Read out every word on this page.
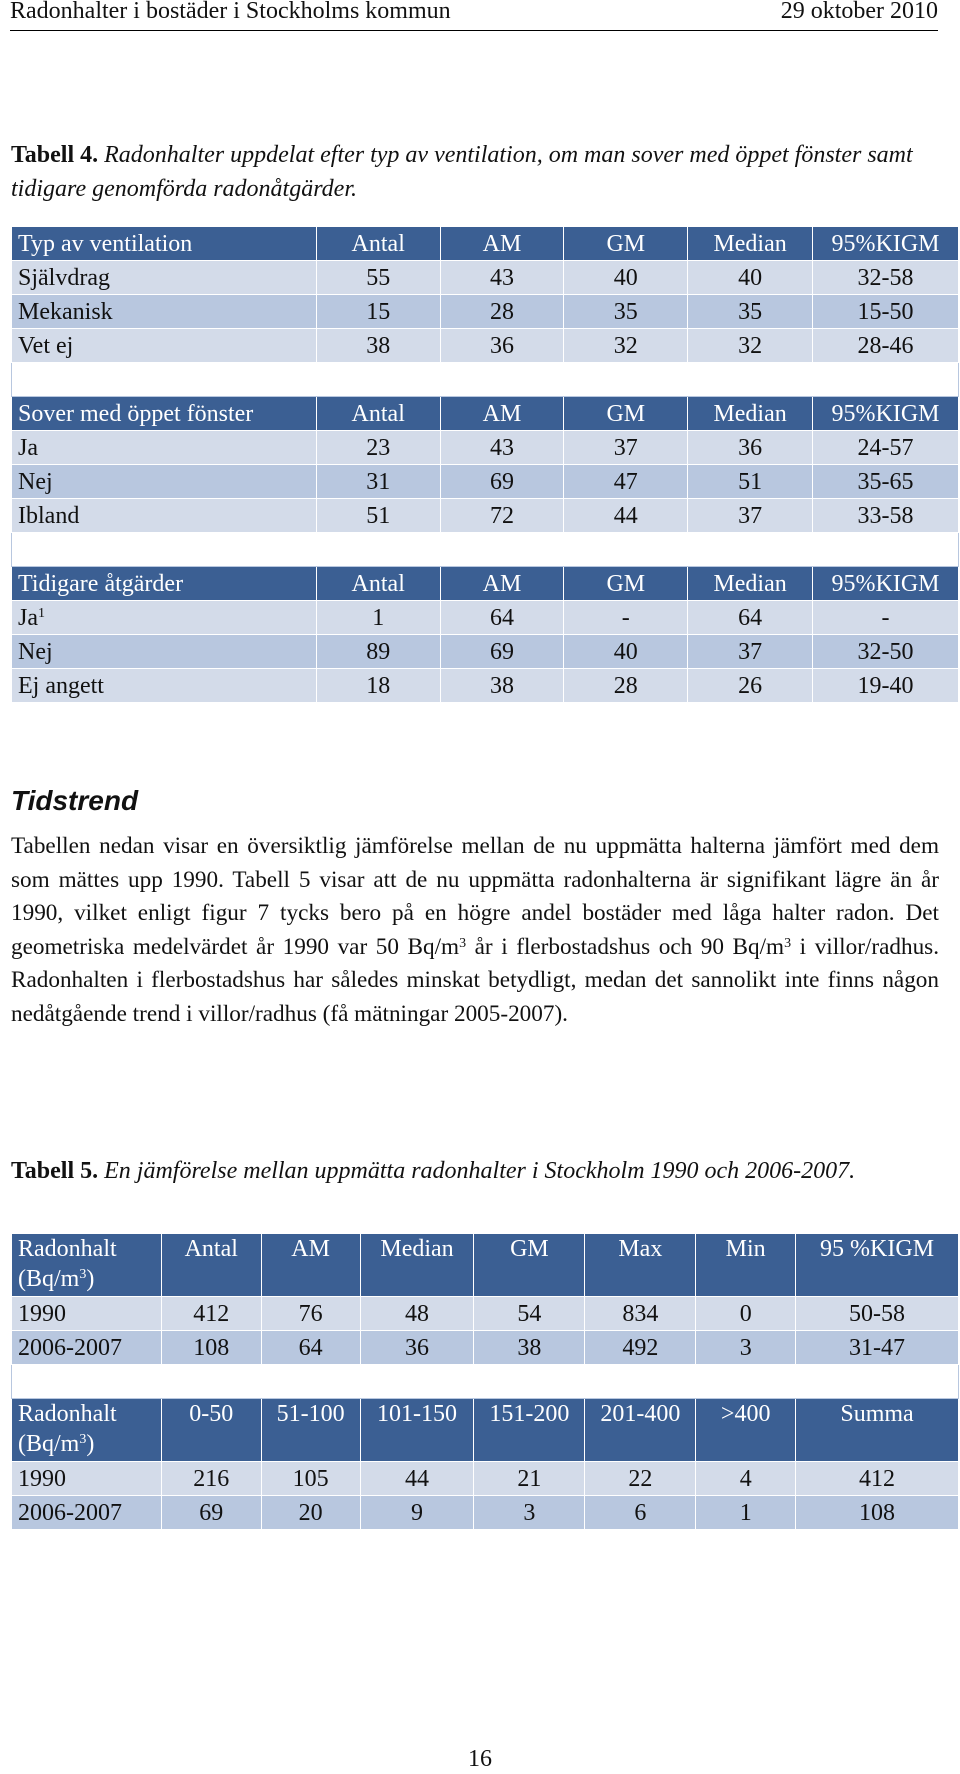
Radonhalter i bostäder i Stockholms kommun	29 oktober 2010
Tabell 4. Radonhalter uppdelat efter typ av ventilation, om man sover med öppet fönster samt tidigare genomförda radonåtgärder.
Typ av ventilation	Antal	AM	GM	Median	95%KIGM
Självdrag	55	43	40	40	32-58
Mekanisk	15	28	35	35	15-50
Vet ej	38	36	32	32	28-46

Sover med öppet fönster	Antal	AM	GM	Median	95%KIGM
Ja	23	43	37	36	24-57
Nej	31	69	47	51	35-65
Ibland	51	72	44	37	33-58

Tidigare åtgärder	Antal	AM	GM	Median	95%KIGM
Ja$^1$	1	64	-	64	-
Nej	89	69	40	37	32-50
Ej angett	18	38	28	26	19-40
Tidstrend
Tabellen nedan visar en översiktlig jämförelse mellan de nu uppmätta halterna jämfört med dem som mättes upp 1990. Tabell 5 visar att de nu uppmätta radonhalterna är signifikant lägre än år 1990, vilket enligt figur 7 tycks bero på en högre andel bostäder med låga halter radon. Det geometriska medelvärdet år 1990 var 50 $Bq/m^3$ år i flerbostadshus och 90 $Bq/m^3$ i villor/radhus. Radonhalten i flerbostadshus har således minskat betydligt, medan det sannolikt inte finns någon nedåtgående trend i villor/radhus (få mätningar 2005-2007).
Tabell 5. En jämförelse mellan uppmätta radonhalter i Stockholm 1990 och 2006-2007.
Radonhalt $(Bq/m^3)$	Antal	AM	Median	GM	Max	Min	95 %KIGM
1990	412	76	48	54	834	0	50-58
2006-2007	108	64	36	38	492	3	31-47

Radonhalt $(Bq/m^3)$	0-50	51-100	101-150	151-200	201-400	>400	Summa
1990	216	105	44	21	22	4	412
2006-2007	69	20	9	3	6	1	108
16
